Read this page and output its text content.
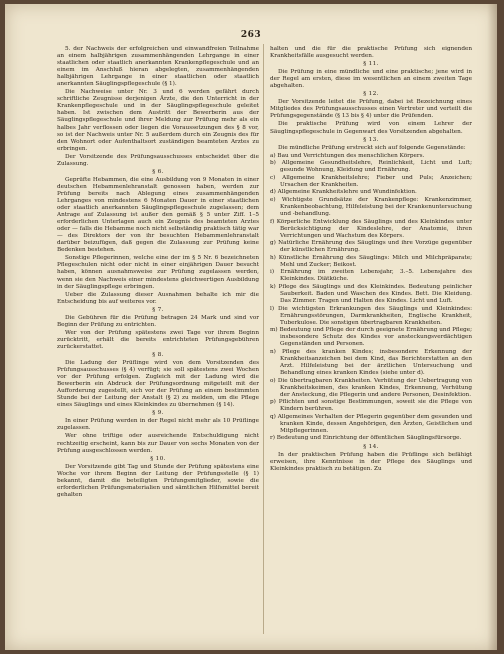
263

5. der Nachweis der erfolgreichen und einwandfreien Teilnahme an einem halbjährigen zusammenhängenden Lehrgange in einer staatlichen oder staatlich anerkannten Krankenpflegeschule und an einem im Anschluß hieran abgelegten, zusammenhängenden halbjährigen Lehrgange in einer staatlichen oder staatlich anerkannten Säuglingspflegeschule (§ 1).

Die Nachweise unter Nr. 3 und 6 werden gefährt durch schriftliche Zeugnisse derjenigen Ärzte, die den Unterricht in der Krankenpflegeschule und in der Säuglingspflegeschule geleitet haben. Ist zwischen dem Austritt der Bewerberin aus der Säuglingspflegeschule und ihrer Meldung zur Prüfung mehr als ein halbes Jahr verflossen oder liegen die Voraussetzungen des § 8 vor, so ist der Nachweis unter Nr. 5 außerdem durch ein Zeugnis des für den Wohnort oder Aufenthaltsort zuständigen beamteten Arztes zu erbringen.

Der Vorsitzende des Prüfungsausschusses entscheidet über die Zulassung.

§ 6.

Geprüfte Hebammen, die eine Ausbildung von 9 Monaten in einer deutschen Hebammenlehranstalt genossen haben, werden zur Prüfung bereits nach Ablegung eines zusammenhängenden Lehrganges von mindestens 6 Monaten Dauer in einer staatlichen oder staatlich anerkannten Säuglingspflegeschule zugelassen; dem Antrage auf Zulassung ist außer den gemäß § 5 unter Ziff. 1–5 erforderlichen Unterlagen auch ein Zeugnis des beamteten Arztes oder — falls die Hebamme noch nicht selbständig praktisch tätig war — des Direktors der von ihr besuchten Hebammenlehranstalt darüber beizufügen, daß gegen die Zulassung zur Prüfung keine Bedenken bestehen.

Sonstige Pflegerinnen, welche eine der im § 5 Nr. 6 bezeichneten Pflegeschulen nicht oder nicht in einer einjährigen Dauer besucht haben, können ausnahmsweise zur Prüfung zugelassen werden, wenn sie den Nachweis einer mindestens gleichwertigen Ausbildung in der Säuglingspflege erbringen.

Ueber die Zulassung dieser Ausnahmen behalte ich mir die Entscheidung bis auf weiteres vor.

§ 7.

Die Gebühren für die Prüfung betragen 24 Mark und sind vor Beginn der Prüfung zu entrichten.

Wer von der Prüfung spätestens zwei Tage vor ihrem Beginn zurücktritt, erhält die bereits entrichteten Prüfungsgebühren zurückerstattet.

§ 8.

Die Ladung der Prüflinge wird von dem Vorsitzenden des Prüfungsausschusses (§ 4) verfügt; sie soll spätestens zwei Wochen vor der Prüfung erfolgen. Zugleich mit der Ladung wird die Bewerberin ein Abdruck der Prüfungsordnung mitgeteilt mit der Aufforderung zugestellt, sich vor der Prüfung an einem bestimmten Stunde bei der Leitung der Anstalt (§ 2) zu melden, um die Pflege eines Säuglings und eines Kleinkindes zu übernehmen (§ 14).

§ 9.

In einer Prüfung werden in der Regel nicht mehr als 10 Prüflinge zugelassen.

Wer ohne triftige oder ausreichende Entschuldigung nicht rechtzeitig erscheint, kann bis zur Dauer von sechs Monaten von der Prüfung ausgeschlossen werden.

§ 10.

Der Vorsitzende gibt Tag und Stunde der Prüfung spätestens eine Woche vor ihrem Beginn der Leitung der Prüfungsstelle (§ 1) bekannt, damit die beteiligten Prüfungsmitglieder, sowie die erforderlichen Prüfungsmaterialien und sämtlichen Hilfsmittel bereit gehalten

halten und die für die praktische Prüfung sich eignenden Krankheitsfälle ausgesucht werden.

§ 11.

Die Prüfung in eine mündliche und eine praktische; jene wird in der Regel am ersten, diese im wesentlichen an einem zweiten Tage abgehalten.

§ 12.

Der Vorsitzende leitet die Prüfung, dabei ist Bezeichnung eines Mitgliedes des Prüfungsausschusses einen Vertreter und verteilt die Prüfungsgegenstände (§ 13 bis § 4) unter die Prüfenden.

Die praktische Prüfung wird von einem Lehrer der Säuglingspflegeschule in Gegenwart des Vorsitzenden abgehalten.

§ 13.

Die mündliche Prüfung erstreckt sich auf folgende Gegenstände:

a) Bau und Verrichtungen des menschlichen Körpers.
b) Allgemeine Gesundheitslehre, Reinlichkeit, Licht und Luft; gesunde Wohnung, Kleidung und Ernährung.
c) Allgemeine Krankheitslehre; Fieber und Puls; Anzeichen; Ursachen der Krankheiten.
d) Allgemeine Krankheitslehre und Wundinfektion.
e) Wichtigste Grundsätze der Krankenpflege: Krankenzimmer, Krankenbeobachtung, Hilfeleistung bei der Krankenuntersuchung und -behandlung.
f) Körperliche Entwicklung des Säuglings und des Kleinkindes unter Berücksichtigung der Kindeslehre, der Anatomie, ihren Verrichtungen und Wachstum des Körpers.
g) Natürliche Ernährung des Säuglings und ihre Vorzüge gegenüber der künstlichen Ernährung.
h) Künstliche Ernährung des Säuglings: Milch und Milchpräparate; Mehl und Zucker; Beikost.
i) Ernährung im zweiten Lebensjahr, 3.–5. Lebensjahre des Kleinkindes. Diätküche.
k) Pflege des Säuglings und des Kleinkindes. Bedeutung peinlicher Sauberkeit. Baden und Waschen des Kindes. Bett. Die Kleidung. Das Zimmer. Tragen und Halten des Kindes. Licht und Luft.
l) Die wichtigsten Erkrankungen des Säuglings und Kleinkindes: Ernährungsstörungen, Darmkrankheiten, Englische Krankheit, Tuberkulose. Die sonstigen übertragbaren Krankheiten.
m) Bedeutung und Pflege der durch geeignete Ernährung und Pflege; insbesondere Schutz des Kindes vor ansteckungsverdächtigen Gegenständen und Personen.
n) Pflege des kranken Kindes; insbesondere Erkennung der Krankheitsanzeichen bei dem Kind, das Berichterstatten an den Arzt. Hilfeleistung bei der ärztlichen Untersuchung und Behandlung eines kranken Kindes (siehe unter d).
o) Die übertragbaren Krankheiten. Verhütung der Uebertragung von Krankheitskeimen, des kranken Kindes, Erkennung, Verhütung der Ansteckung, die Pflegerin und andere Personen, Desinfektion.
p) Pflichten und sonstige Bestimmungen, soweit sie die Pflege von Kindern berühren.
q) Allgemeines Verhalten der Pflegerin gegenüber dem gesunden und kranken Kinde, dessen Angehörigen, den Ärzten, Geistlichen und Mitpflegerinnen.
r) Bedeutung und Einrichtung der öffentlichen Säuglingsfürsorge.
§ 14.

In der praktischen Prüfung haben die Prüflinge sich befähigt erweisen, ihre Kenntnisse in der Pflege des Säuglings und Kleinkindes praktisch zu betätigen. Zu
